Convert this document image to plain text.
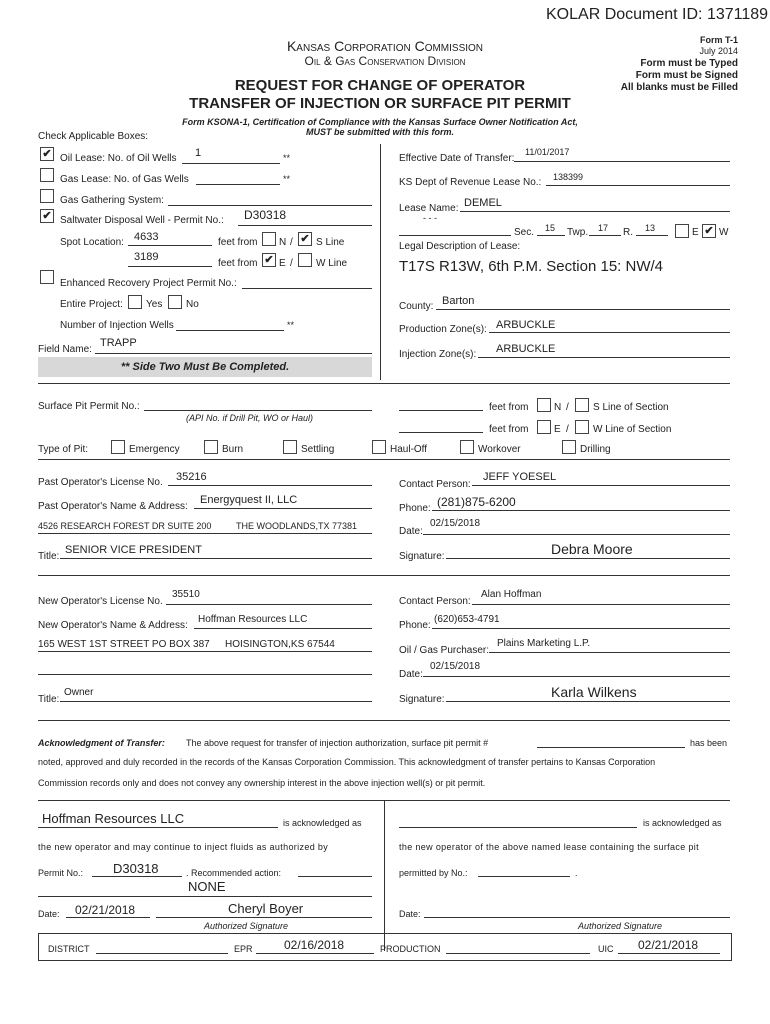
KOLAR Document ID: 1371189
Kansas Corporation Commission
Oil & Gas Conservation Division
Form T-1
July 2014
Form must be Typed
Form must be Signed
All blanks must be Filled
REQUEST FOR CHANGE OF OPERATOR
TRANSFER OF INJECTION OR SURFACE PIT PERMIT
Form KSONA-1, Certification of Compliance with the Kansas Surface Owner Notification Act,
MUST be submitted with this form.
Check Applicable Boxes:
✔ Oil Lease: No. of Oil Wells 1	**
Gas Lease: No. of Gas Wells	**
Gas Gathering System:
✔ Saltwater Disposal Well - Permit No.: D30318
Spot Location: 4633	feet from N / ✔ S Line
3189
feet from ✔ E / W Line
Enhanced Recovery Project Permit No.:
Entire Project: Yes No
Number of Injection Wells	**
Field Name:
TRAPP
** Side Two Must Be Completed.
Effective Date of Transfer:
11/01/2017
KS Dept of Revenue Lease No.: 138399
Lease Name: DEMEL
- - -
Sec. 15 Twp. 17 R. 13	E ✔ W
Legal Description of Lease:
T17S R13W, 6th P.M. Section 15: NW/4
County: Barton
Production Zone(s): ARBUCKLE
Injection Zone(s): ARBUCKLE
Surface Pit Permit No.:
(API No. if Drill Pit, WO or Haul)
feet from	N / S Line of Section
feet from	E / W Line of Section
Type of Pit:	Emergency	Burn	Settling	Haul-Off	Workover	Drilling
Past Operator's License No. 35216
Contact Person:
JEFF YOESEL
Past Operator's Name & Address:
Energyquest II, LLC
Phone: (281)875-6200
4526 RESEARCH FOREST DR SUITE 200	THE WOODLANDS,TX 77381	Date:
02/15/2018
Title:
SENIOR VICE PRESIDENT
Signature:	Debra Moore
New Operator's License No.
35510
Contact Person:
Alan Hoffman
New Operator's Name & Address:
Hoffman Resources LLC
Phone:
(620)653-4791
165 WEST 1ST STREET PO BOX 387 HOISINGTON,KS 67544
Oil / Gas Purchaser:
Plains Marketing L.P.
Date:
02/15/2018
Title:
Owner
Signature:	Karla Wilkens
Acknowledgment of Transfer: The above request for transfer of injection authorization, surface pit permit #	has been
noted, approved and duly recorded in the records of the Kansas Corporation Commission. This acknowledgment of transfer pertains to Kansas Corporation
Commission records only and does not convey any ownership interest in the above injection well(s) or pit permit.
Hoffman Resources LLC	is acknowledged as	is acknowledged as
the new operator and may continue to inject fluids as authorized by	the new operator of the above named lease containing the surface pit
Permit No.: D30318	. Recommended action:
NONE
permitted by No.:	.
Date: 02/21/2018	Cheryl Boyer
Authorized Signature
Date:
Authorized Signature
DISTRICT	EPR	02/16/2018	PRODUCTION	UIC 02/21/2018
